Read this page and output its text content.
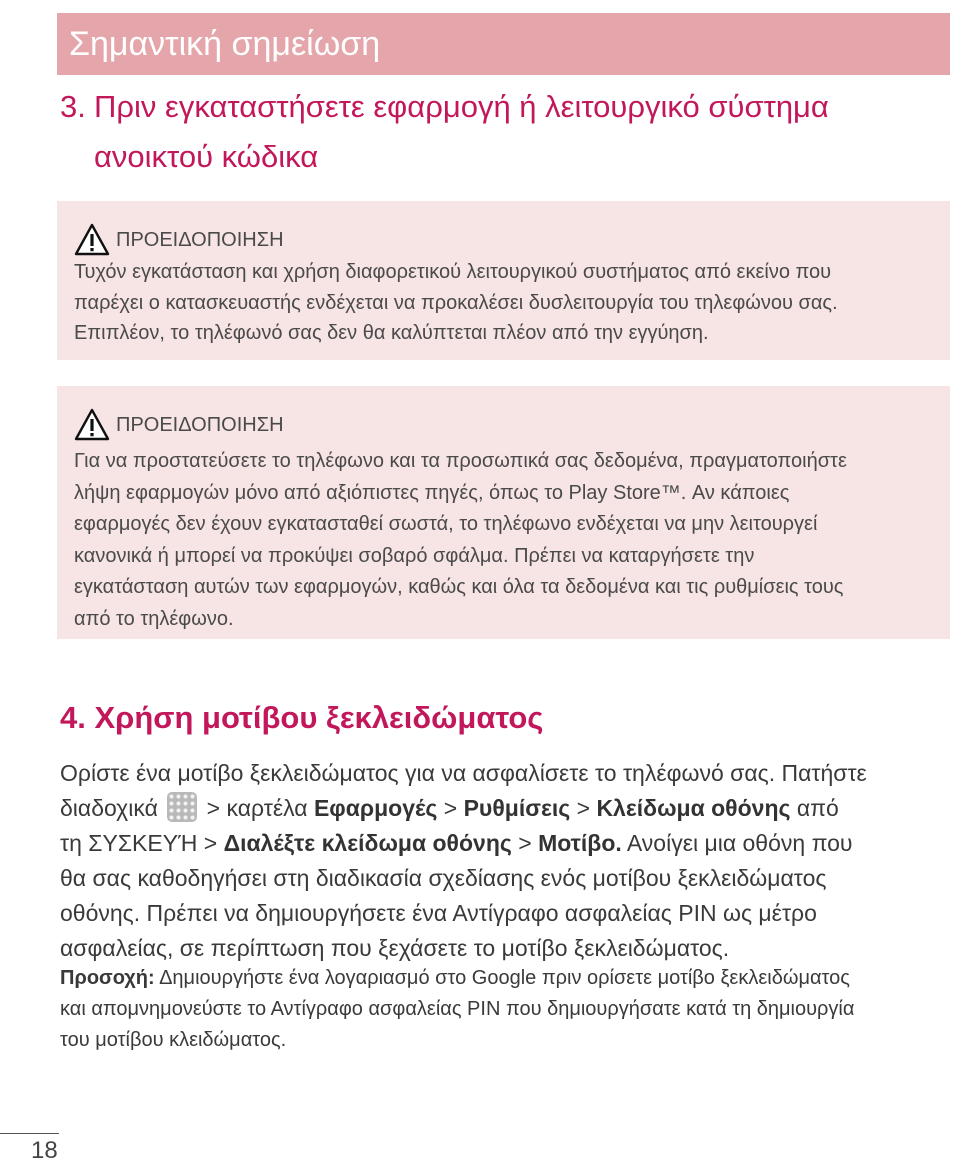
Σημαντική σημείωση
3. Πριν εγκαταστήσετε εφαρμογή ή λειτουργικό σύστημα
ανοικτού κώδικα
ΠΡΟΕΙΔΟΠΟΙΗΣΗ

Τυχόν εγκατάσταση και χρήση διαφορετικού λειτουργικού συστήματος από εκείνο που
παρέχει ο κατασκευαστής ενδέχεται να προκαλέσει δυσλειτουργία του τηλεφώνου σας.
Επιπλέον, το τηλέφωνό σας δεν θα καλύπτεται πλέον από την εγγύηση.

ΠΡΟΕΙΔΟΠΟΙΗΣΗ

Για να προστατεύσετε το τηλέφωνο και τα προσωπικά σας δεδομένα, πραγματοποιήστε
λήψη εφαρμογών μόνο από αξιόπιστες πηγές, όπως το Play Store™. Αν κάποιες
εφαρμογές δεν έχουν εγκατασταθεί σωστά, το τηλέφωνο ενδέχεται να μην λειτουργεί
κανονικά ή μπορεί να προκύψει σοβαρό σφάλμα. Πρέπει να καταργήσετε την
εγκατάσταση αυτών των εφαρμογών, καθώς και όλα τα δεδομένα και τις ρυθμίσεις τους
από το τηλέφωνο.

4. Χρήση μοτίβου ξεκλειδώματος
Ορίστε ένα μοτίβο ξεκλειδώματος για να ασφαλίσετε το τηλέφωνό σας. Πατήστε
διαδοχικά  > καρτέλα Εφαρμογές > Ρυθμίσεις > Κλείδωμα οθόνης από
τη ΣΥΣΚΕΥΉ > Διαλέξτε κλείδωμα οθόνης > Μοτίβο. Ανοίγει μια οθόνη που
θα σας καθοδηγήσει στη διαδικασία σχεδίασης ενός μοτίβου ξεκλειδώματος
οθόνης. Πρέπει να δημιουργήσετε ένα Αντίγραφο ασφαλείας PIN ως μέτρο
ασφαλείας, σε περίπτωση που ξεχάσετε το μοτίβο ξεκλειδώματος.
Προσοχή: Δημιουργήστε ένα λογαριασμό στο Google πριν ορίσετε μοτίβο ξεκλειδώματος
και απομνημονεύστε το Αντίγραφο ασφαλείας PIN που δημιουργήσατε κατά τη δημιουργία
του μοτίβου κλειδώματος.
18
